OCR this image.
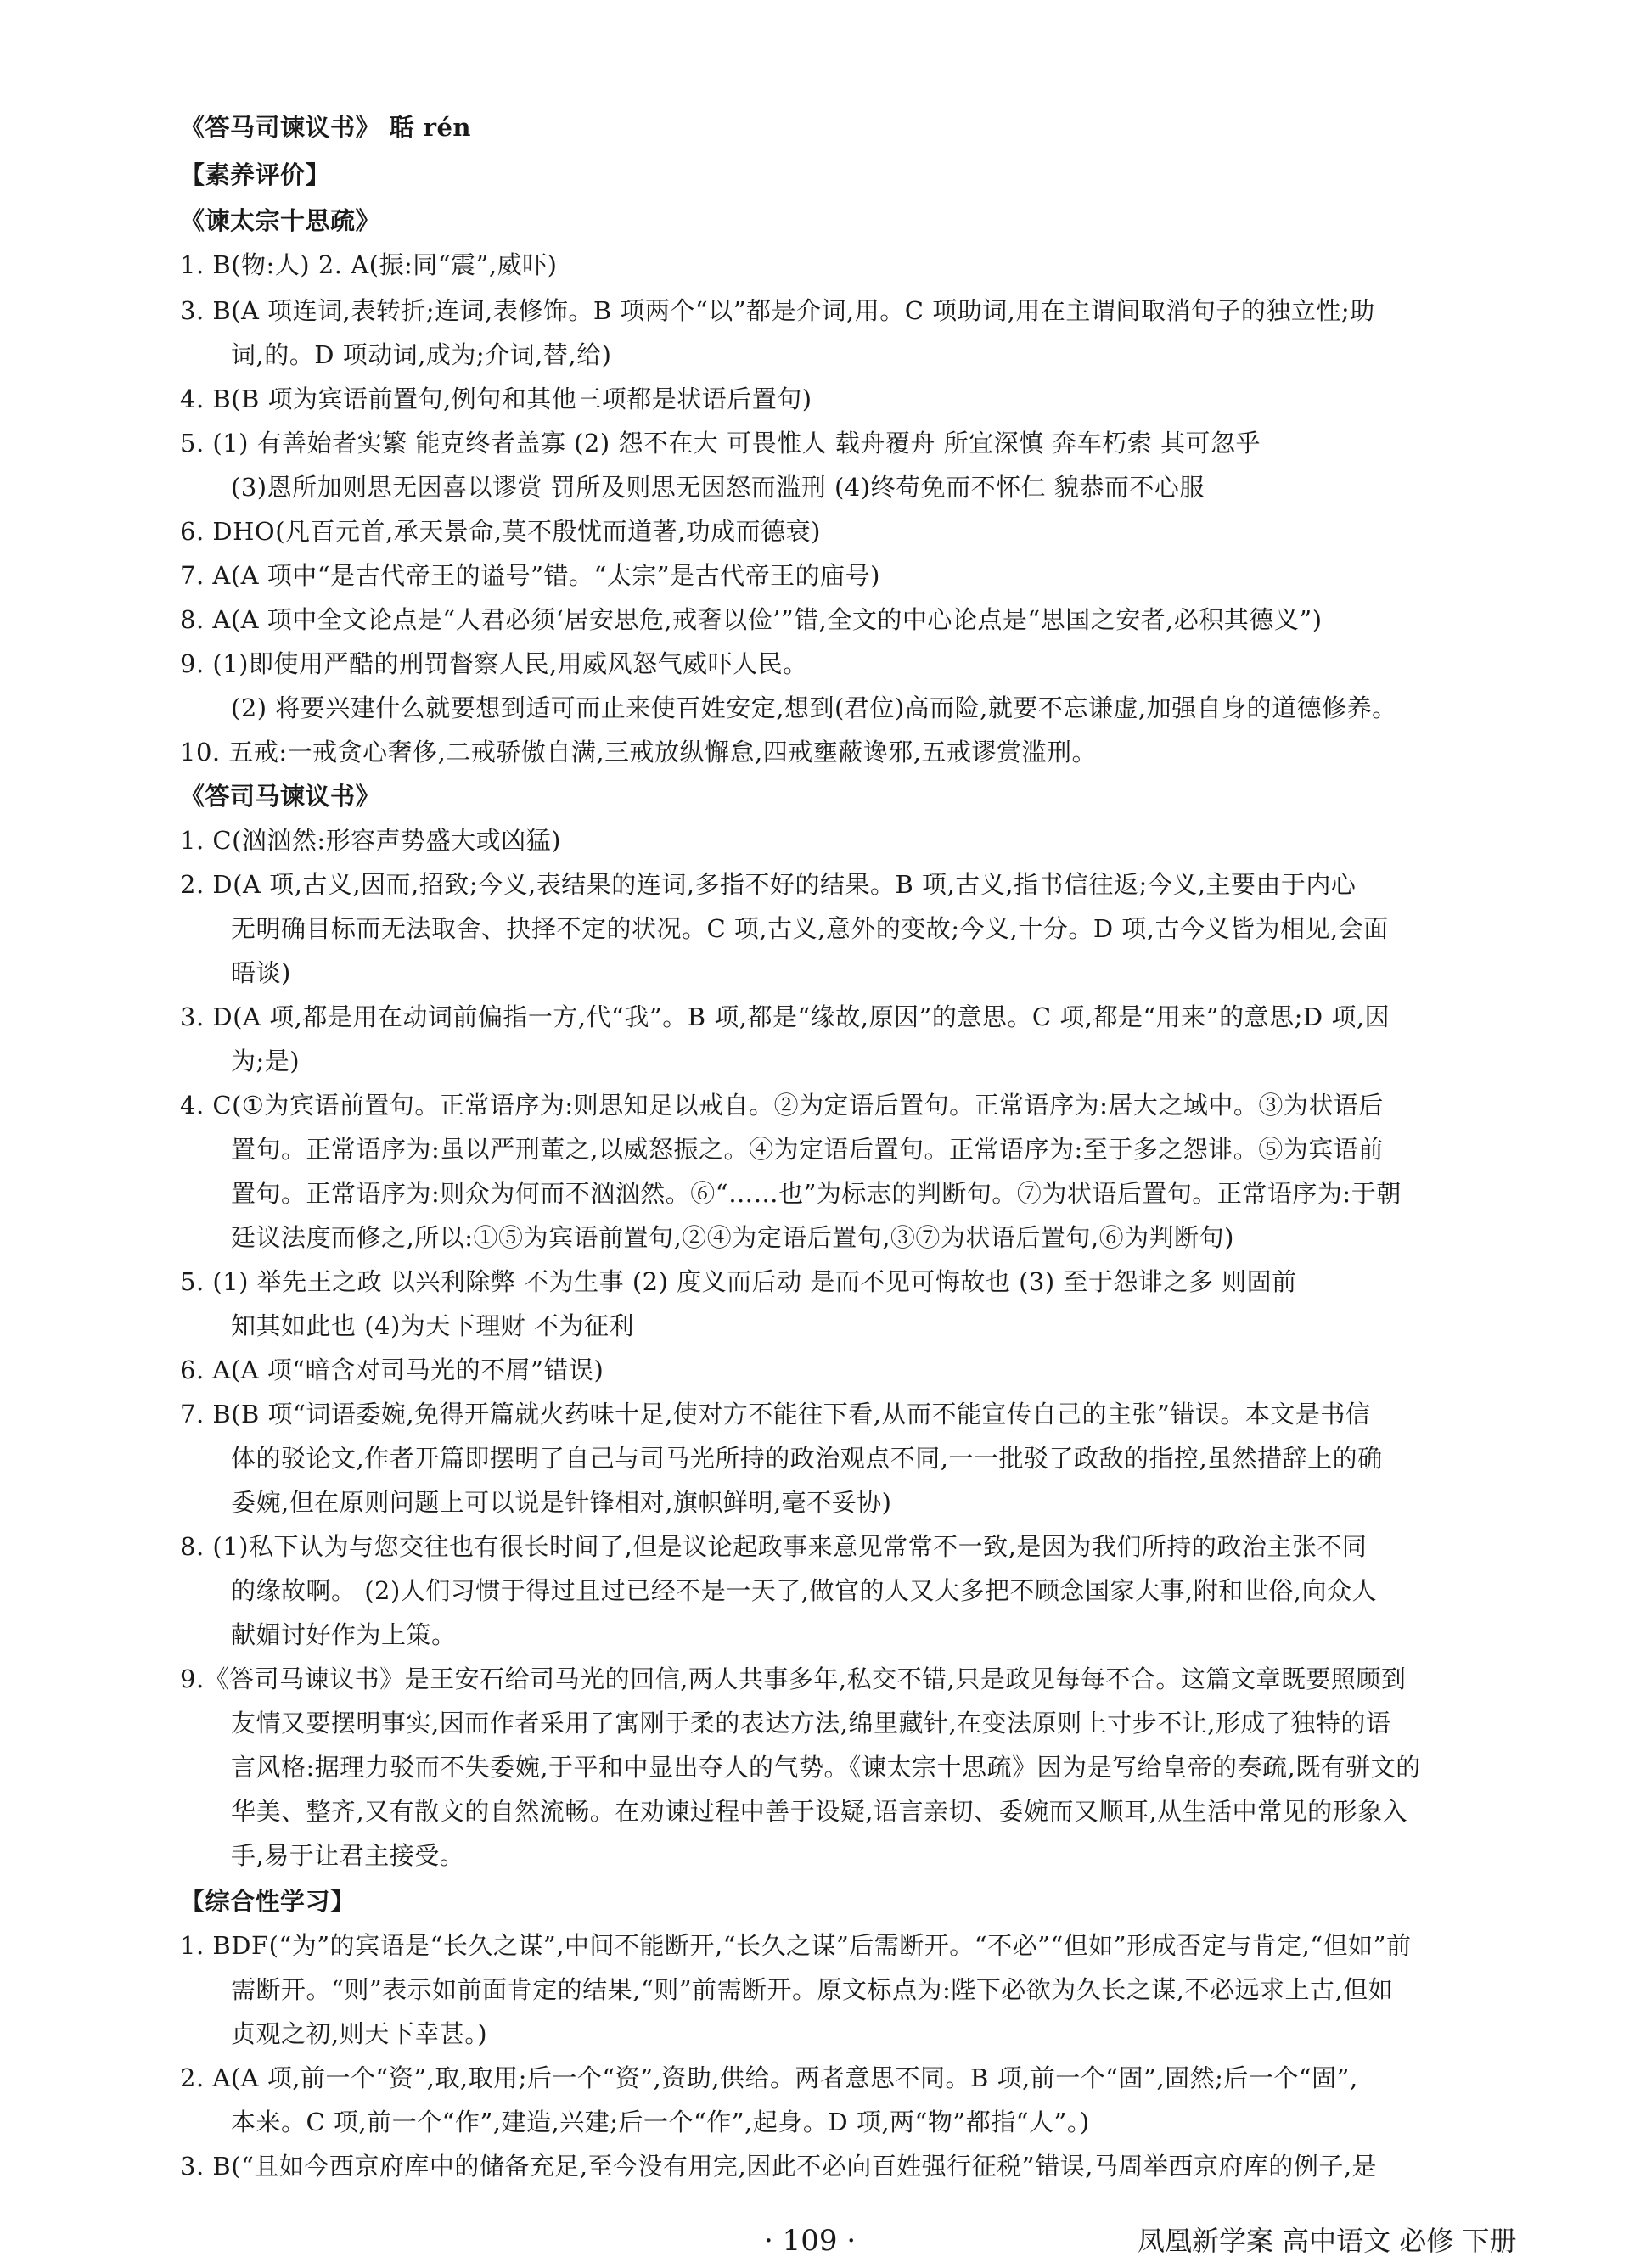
《答马司谏议书》 聒 rén
【素养评价】
《谏太宗十思疏》
1. B(物:人) 2. A(振:同“震”,威吓)
3. B(A 项连词,表转折;连词,表修饰。B 项两个“以”都是介词,用。C 项助词,用在主谓间取消句子的独立性;助
词,的。D 项动词,成为;介词,替,给)
4. B(B 项为宾语前置句,例句和其他三项都是状语后置句)
5. (1) 有善始者实繁 能克终者盖寡 (2) 怨不在大 可畏惟人 载舟覆舟 所宜深慎 奔车朽索 其可忽乎
(3)恩所加则思无因喜以谬赏 罚所及则思无因怒而滥刑 (4)终苟免而不怀仁 貌恭而不心服
6. DHO(凡百元首,承天景命,莫不殷忧而道著,功成而德衰)
7. A(A 项中“是古代帝王的谥号”错。“太宗”是古代帝王的庙号)
8. A(A 项中全文论点是“人君必须‘居安思危,戒奢以俭’”错,全文的中心论点是“思国之安者,必积其德义”)
9. (1)即使用严酷的刑罚督察人民,用威风怒气威吓人民。
(2) 将要兴建什么就要想到适可而止来使百姓安定,想到(君位)高而险,就要不忘谦虚,加强自身的道德修养。
10. 五戒:一戒贪心奢侈,二戒骄傲自满,三戒放纵懈怠,四戒壅蔽谗邪,五戒谬赏滥刑。
《答司马谏议书》
1. C(汹汹然:形容声势盛大或凶猛)
2. D(A 项,古义,因而,招致;今义,表结果的连词,多指不好的结果。B 项,古义,指书信往返;今义,主要由于内心
无明确目标而无法取舍、抉择不定的状况。C 项,古义,意外的变故;今义,十分。D 项,古今义皆为相见,会面
晤谈)
3. D(A 项,都是用在动词前偏指一方,代“我”。B 项,都是“缘故,原因”的意思。C 项,都是“用来”的意思;D 项,因
为;是)
4. C(①为宾语前置句。正常语序为:则思知足以戒自。②为定语后置句。正常语序为:居大之域中。③为状语后
置句。正常语序为:虽以严刑董之,以威怒振之。④为定语后置句。正常语序为:至于多之怨诽。⑤为宾语前
置句。正常语序为:则众为何而不汹汹然。⑥“……也”为标志的判断句。⑦为状语后置句。正常语序为:于朝
廷议法度而修之,所以:①⑤为宾语前置句,②④为定语后置句,③⑦为状语后置句,⑥为判断句)
5. (1) 举先王之政 以兴利除弊 不为生事 (2) 度义而后动 是而不见可悔故也 (3) 至于怨诽之多 则固前
知其如此也 (4)为天下理财 不为征利
6. A(A 项“暗含对司马光的不屑”错误)
7. B(B 项“词语委婉,免得开篇就火药味十足,使对方不能往下看,从而不能宣传自己的主张”错误。本文是书信
体的驳论文,作者开篇即摆明了自己与司马光所持的政治观点不同,一一批驳了政敌的指控,虽然措辞上的确
委婉,但在原则问题上可以说是针锋相对,旗帜鲜明,毫不妥协)
8. (1)私下认为与您交往也有很长时间了,但是议论起政事来意见常常不一致,是因为我们所持的政治主张不同
的缘故啊。 (2)人们习惯于得过且过已经不是一天了,做官的人又大多把不顾念国家大事,附和世俗,向众人
献媚讨好作为上策。
9.《答司马谏议书》是王安石给司马光的回信,两人共事多年,私交不错,只是政见每每不合。这篇文章既要照顾到
友情又要摆明事实,因而作者采用了寓刚于柔的表达方法,绵里藏针,在变法原则上寸步不让,形成了独特的语
言风格:据理力驳而不失委婉,于平和中显出夺人的气势。《谏太宗十思疏》因为是写给皇帝的奏疏,既有骈文的
华美、整齐,又有散文的自然流畅。在劝谏过程中善于设疑,语言亲切、委婉而又顺耳,从生活中常见的形象入
手,易于让君主接受。
【综合性学习】
1. BDF(“为”的宾语是“长久之谋”,中间不能断开,“长久之谋”后需断开。“不必”“但如”形成否定与肯定,“但如”前
需断开。“则”表示如前面肯定的结果,“则”前需断开。原文标点为:陛下必欲为久长之谋,不必远求上古,但如
贞观之初,则天下幸甚。)
2. A(A 项,前一个“资”,取,取用;后一个“资”,资助,供给。两者意思不同。B 项,前一个“固”,固然;后一个“固”,
本来。C 项,前一个“作”,建造,兴建;后一个“作”,起身。D 项,两“物”都指“人”。)
3. B(“且如今西京府库中的储备充足,至今没有用完,因此不必向百姓强行征税”错误,马周举西京府库的例子,是
· 109 ·	凤凰新学案 高中语文 必修 下册
